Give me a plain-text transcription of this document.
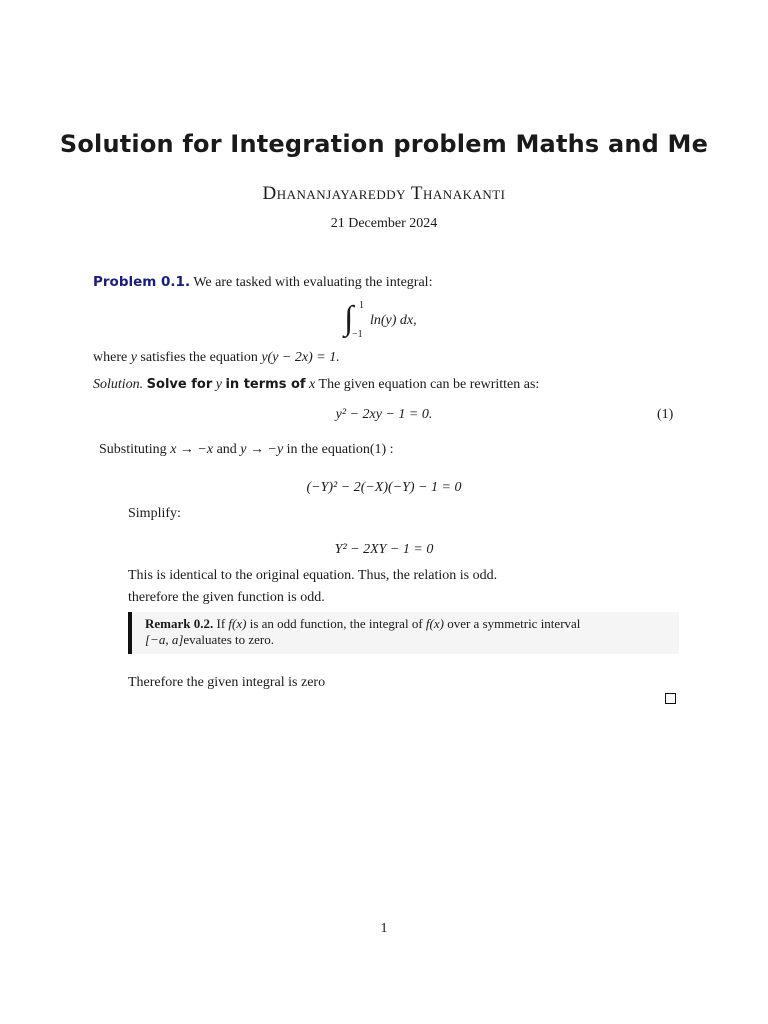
Solution for Integration problem Maths and Me
Dhananjayareddy Thanakanti
21 December 2024
Problem 0.1. We are tasked with evaluating the integral:
∫ 1
−1
ln(y) dx,
where y satisfies the equation y(y − 2x) = 1.
Solution. Solve for y in terms of x The given equation can be rewritten as:
y² − 2xy − 1 = 0.	(1)
Substituting x → −x and y → −y in the equation(1) :
(−Y)² − 2(−X)(−Y) − 1 = 0
Simplify:
Y² − 2XY − 1 = 0
This is identical to the original equation. Thus, the relation is odd.
therefore the given function is odd.
Remark 0.2. If f(x) is an odd function, the integral of f(x) over a symmetric interval
[−a, a]evaluates to zero.
Therefore the given integral is zero
1
